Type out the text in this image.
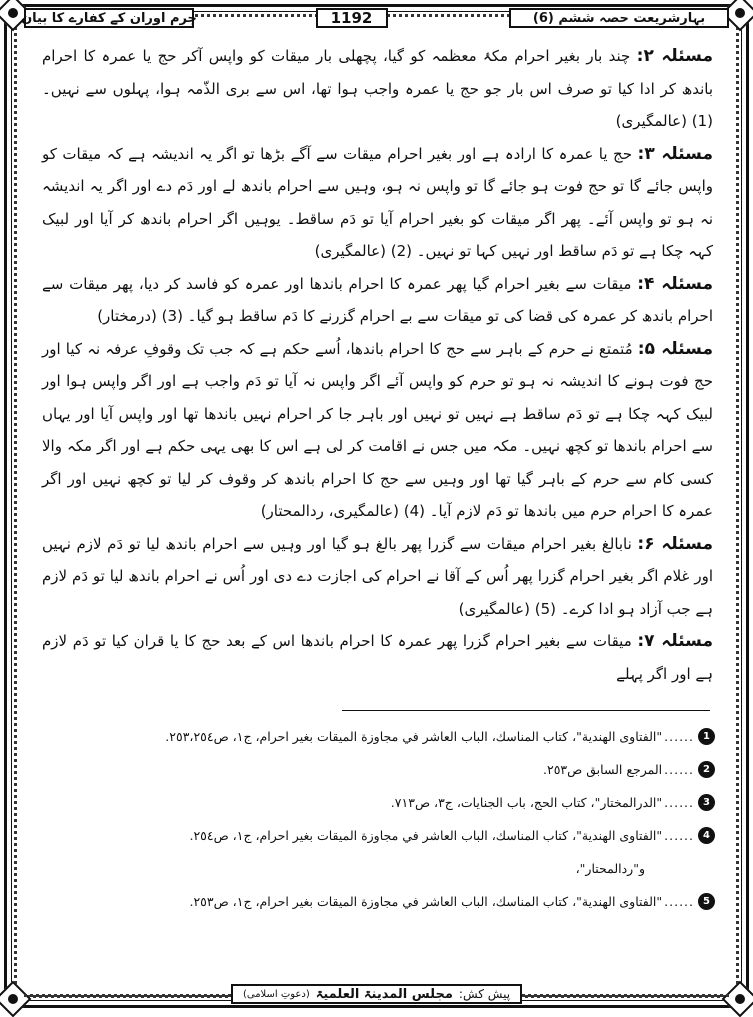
بہارِشریعت حصہ ششم (6)
1192
جرم اوران کے کفارے کا بیان

مسئلہ ۲: چند بار بغیر احرام مکۂ معظمہ کو گیا، پچھلی بار میقات کو واپس آکر حج یا عمرہ کا احرام باندھ کر ادا کیا تو صرف اس بار جو حج یا عمرہ واجب ہوا تھا، اس سے بری الذّمہ ہوا، پہلوں سے نہیں۔ (1) (عالمگیری)

مسئلہ ۳: حج یا عمرہ کا ارادہ ہے اور بغیر احرام میقات سے آگے بڑھا تو اگر یہ اندیشہ ہے کہ میقات کو واپس جائے گا تو حج فوت ہو جائے گا تو واپس نہ ہو، وہیں سے احرام باندھ لے اور دَم دے اور اگر یہ اندیشہ نہ ہو تو واپس آئے۔ پھر اگر میقات کو بغیر احرام آیا تو دَم ساقط۔ یوہیں اگر احرام باندھ کر آیا اور لبیک کہہ چکا ہے تو دَم ساقط اور نہیں کہا تو نہیں۔ (2) (عالمگیری)

مسئلہ ۴: میقات سے بغیر احرام گیا پھر عمرہ کا احرام باندھا اور عمرہ کو فاسد کر دیا، پھر میقات سے احرام باندھ کر عمرہ کی قضا کی تو میقات سے بے احرام گزرنے کا دَم ساقط ہو گیا۔ (3) (درمختار)

مسئلہ ۵: مُتمتع نے حرم کے باہر سے حج کا احرام باندھا، اُسے حکم ہے کہ جب تک وقوفِ عرفہ نہ کیا اور حج فوت ہونے کا اندیشہ نہ ہو تو حرم کو واپس آئے اگر واپس نہ آیا تو دَم واجب ہے اور اگر واپس ہوا اور لبیک کہہ چکا ہے تو دَم ساقط ہے نہیں تو نہیں اور باہر جا کر احرام نہیں باندھا تھا اور واپس آیا اور یہاں سے احرام باندھا تو کچھ نہیں۔ مکہ میں جس نے اقامت کر لی ہے اس کا بھی یہی حکم ہے اور اگر مکہ والا کسی کام سے حرم کے باہر گیا تھا اور وہیں سے حج کا احرام باندھ کر وقوف کر لیا تو کچھ نہیں اور اگر عمرہ کا احرام حرم میں باندھا تو دَم لازم آیا۔ (4) (عالمگیری، ردالمحتار)

مسئلہ ۶: نابالغ بغیر احرام میقات سے گزرا پھر بالغ ہو گیا اور وہیں سے احرام باندھ لیا تو دَم لازم نہیں اور غلام اگر بغیر احرام گزرا پھر اُس کے آقا نے احرام کی اجازت دے دی اور اُس نے احرام باندھ لیا تو دَم لازم ہے جب آزاد ہو ادا کرے۔ (5) (عالمگیری)

مسئلہ ۷: میقات سے بغیر احرام گزرا پھر عمرہ کا احرام باندھا اس کے بعد حج کا یا قران کیا تو دَم لازم ہے اور اگر پہلے

1
......
"الفتاوى الهندية"، كتاب المناسك، الباب العاشر في مجاوزة الميقات بغير احرام، ج١، ص٢٥٣،٢٥٤.
2
......
المرجع السابق ص٢٥٣.
3
......
"الدرالمختار"، كتاب الحج، باب الجنايات، ج٣، ص٧١٣.
4
......
"الفتاوى الهندية"، كتاب المناسك، الباب العاشر في مجاوزة الميقات بغير احرام، ج١، ص٢٥٤.
و"ردالمحتار"،
5
......
"الفتاوى الهندية"، كتاب المناسك، الباب العاشر في مجاوزة الميقات بغير احرام، ج١، ص٢٥٣.
پیش کش:
مجلس المدینۃ العلمیۃ
(دعوتِ اسلامی)
